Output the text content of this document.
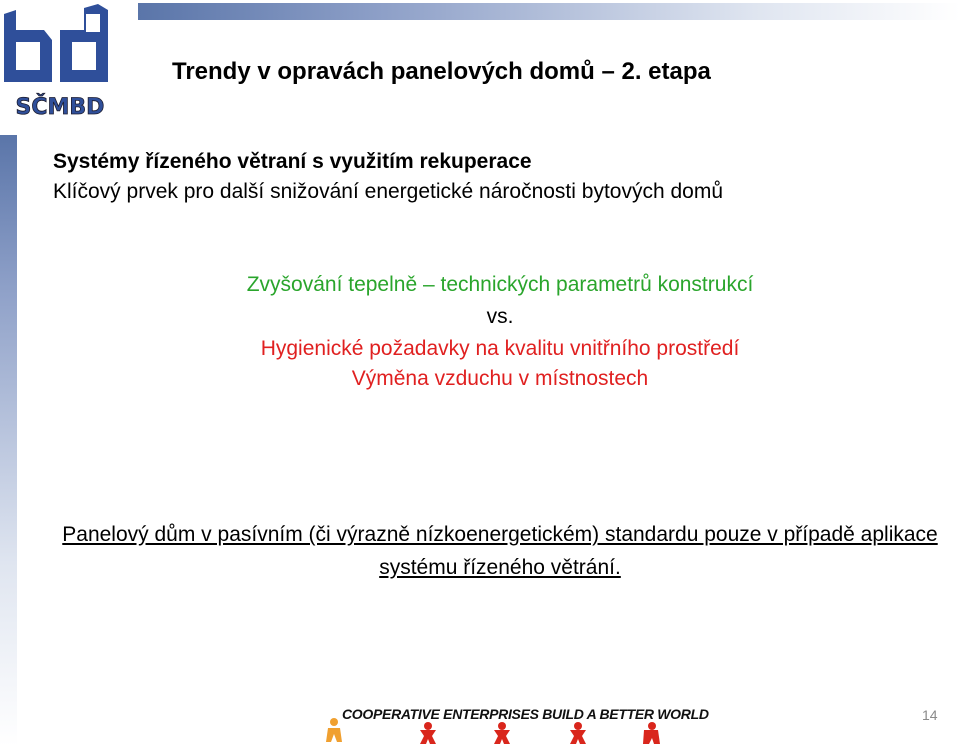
SČMBD
Trendy v opravách panelových domů – 2. etapa

Systémy řízeného větraní s využitím rekuperace

Klíčový prvek pro další snižování energetické náročnosti bytových domů

Zvyšování tepelně – technických parametrů konstrukcí

vs.

Hygienické požadavky na kvalitu vnitřního prostředí

Výměna vzduchu v místnostech

Panelový dům v pasívním (či výrazně nízkoenergetickém) standardu pouze v případě aplikace systému řízeného větrání.

COOPERATIVE ENTERPRISES BUILD A BETTER WORLD	14
